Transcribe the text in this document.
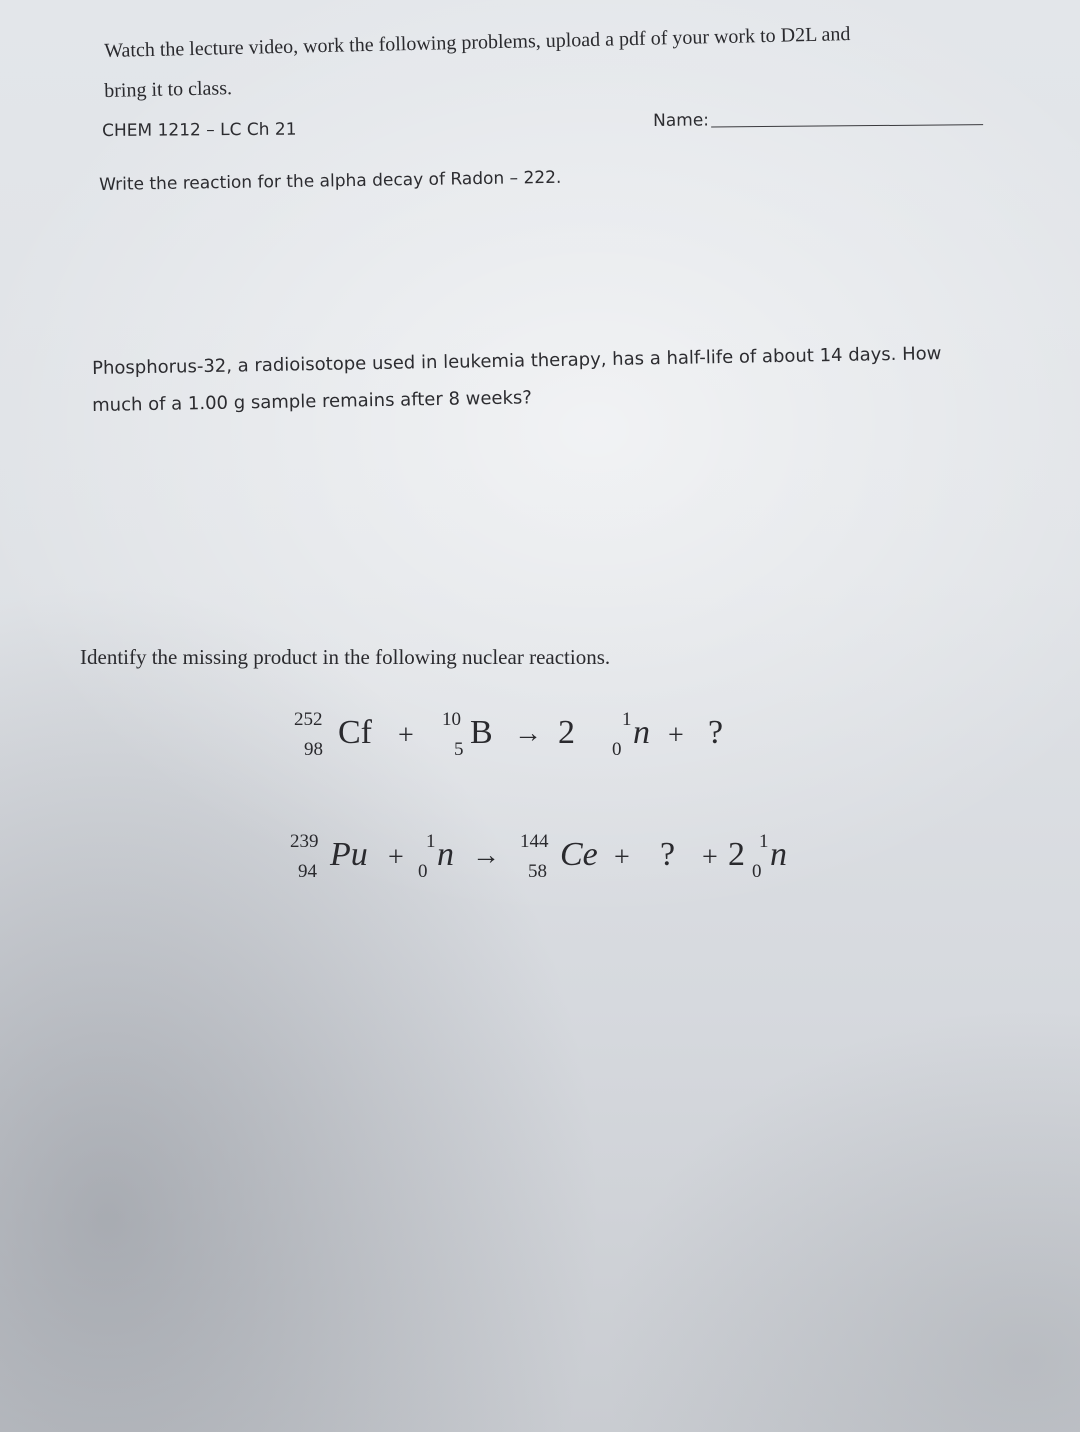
Watch the lecture video, work the following problems, upload a pdf of your work to D2L and
bring it to class.
CHEM 1212 – LC Ch 21	Name:
Write the reaction for the alpha decay of Radon – 222.
Phosphorus-32, a radioisotope used in leukemia therapy, has a half-life of about 14 days. How
much of a 1.00 g sample remains after 8 weeks?
Identify the missing product in the following nuclear reactions.
252
98 Cf +
10
5 B → 2 1
0 n + ?
239
94 Pu +
1
0 n → 144
58 Ce + ? + 2 1
0 n
